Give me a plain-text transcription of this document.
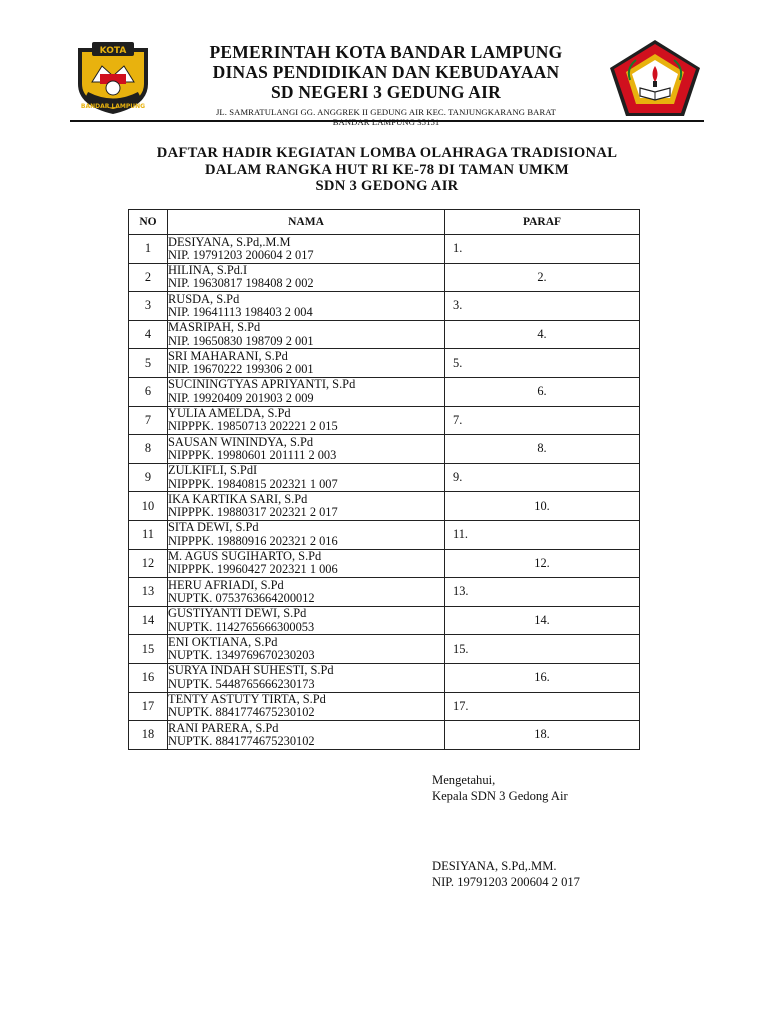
KOTA
BANDAR LAMPUNG
PEMERINTAH KOTA BANDAR LAMPUNG
DINAS PENDIDIKAN DAN KEBUDAYAAN
SD NEGERI 3 GEDUNG AIR
JL. SAMRATULANGI GG. ANGGREK II GEDUNG AIR KEC. TANJUNGKARANG BARAT
BANDAR LAMPUNG 35151
DAFTAR HADIR KEGIATAN LOMBA OLAHRAGA TRADISIONAL
DALAM RANGKA HUT RI KE-78 DI TAMAN UMKM
SDN 3 GEDONG AIR
NO	NAMA	PARAF
1	DESIYANA, S.Pd,.M.M
NIP. 19791203 200604 2 017	1.

2	HILINA, S.Pd.I
NIP. 19630817 198408 2 002	2.

3	RUSDA, S.Pd
NIP. 19641113 198403 2 004	3.

4	MASRIPAH, S.Pd
NIP. 19650830 198709 2 001	4.

5	SRI MAHARANI, S.Pd
NIP. 19670222 199306 2 001	5.

6	SUCININGTYAS APRIYANTI, S.Pd
NIP. 19920409 201903 2 009	6.

7	YULIA AMELDA, S.Pd
NIPPPK. 19850713 202221 2 015	7.

8	SAUSAN WININDYA, S.Pd
NIPPPK. 19980601 201111 2 003	8.

9	ZULKIFLI, S.PdI
NIPPPK. 19840815 202321 1 007	9.

10	IKA KARTIKA SARI, S.Pd
NIPPPK. 19880317 202321 2 017	10.

11	SITA DEWI, S.Pd
NIPPPK. 19880916 202321 2 016	11.

12	M. AGUS SUGIHARTO, S.Pd
NIPPPK. 19960427 202321 1 006	12.

13	HERU AFRIADI, S.Pd
NUPTK. 0753763664200012	13.

14	GUSTIYANTI DEWI, S.Pd
NUPTK. 1142765666300053	14.

15	ENI OKTIANA, S.Pd
NUPTK. 1349769670230203	15.

16	SURYA INDAH SUHESTI, S.Pd
NUPTK. 5448765666230173	16.

17	TENTY ASTUTY TIRTA, S.Pd
NUPTK. 8841774675230102	17.

18	RANI PARERA, S.Pd
NUPTK. 8841774675230102	18.
Mengetahui,
Kepala SDN 3 Gedong Air
DESIYANA, S.Pd,.MM.
NIP. 19791203 200604 2 017
